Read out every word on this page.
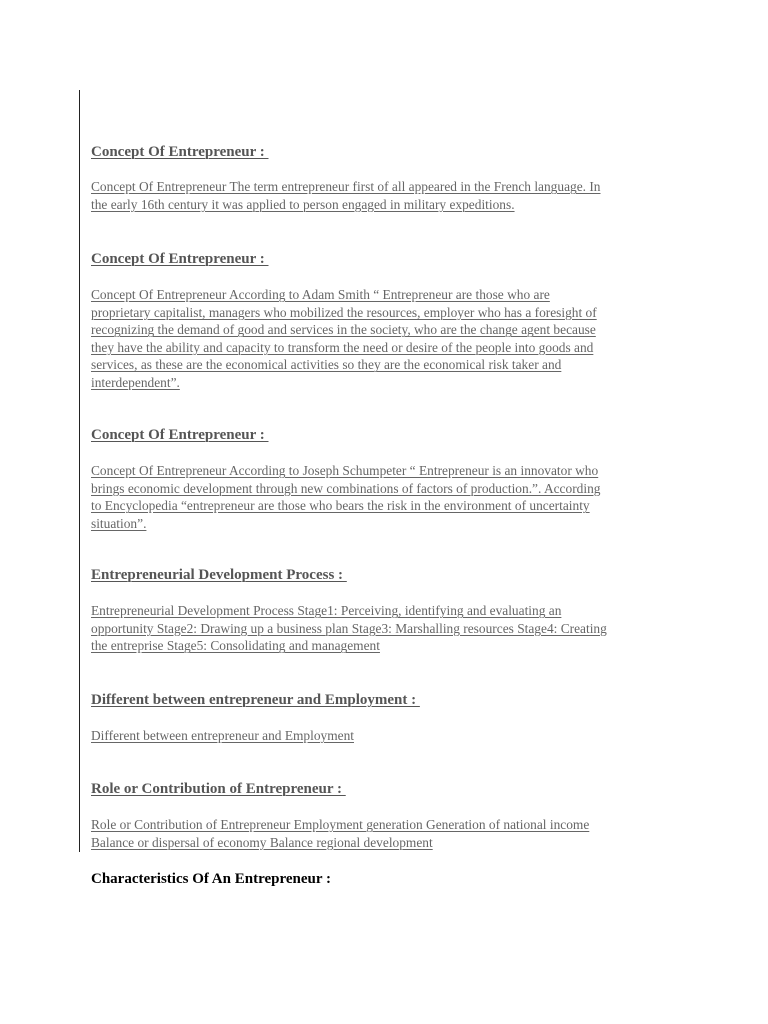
Concept Of Entrepreneur :

Concept Of Entrepreneur The term entrepreneur first of all appeared in the French language. In
the early 16th century it was applied to person engaged in military expeditions.

Concept Of Entrepreneur :

Concept Of Entrepreneur According to Adam Smith “ Entrepreneur are those who are
proprietary capitalist, managers who mobilized the resources, employer who has a foresight of
recognizing the demand of good and services in the society, who are the change agent because
they have the ability and capacity to transform the need or desire of the people into goods and
services, as these are the economical activities so they are the economical risk taker and
interdependent”.

Concept Of Entrepreneur :

Concept Of Entrepreneur According to Joseph Schumpeter “ Entrepreneur is an innovator who
brings economic development through new combinations of factors of production.”. According
to Encyclopedia “entrepreneur are those who bears the risk in the environment of uncertainty
situation”.

Entrepreneurial Development Process :

Entrepreneurial Development Process Stage1: Perceiving, identifying and evaluating an
opportunity Stage2: Drawing up a business plan Stage3: Marshalling resources Stage4: Creating
the entreprise Stage5: Consolidating and management

Different between entrepreneur and Employment :

Different between entrepreneur and Employment

Role or Contribution of Entrepreneur :

Role or Contribution of Entrepreneur Employment generation Generation of national income
Balance or dispersal of economy Balance regional development

Characteristics Of An Entrepreneur :
